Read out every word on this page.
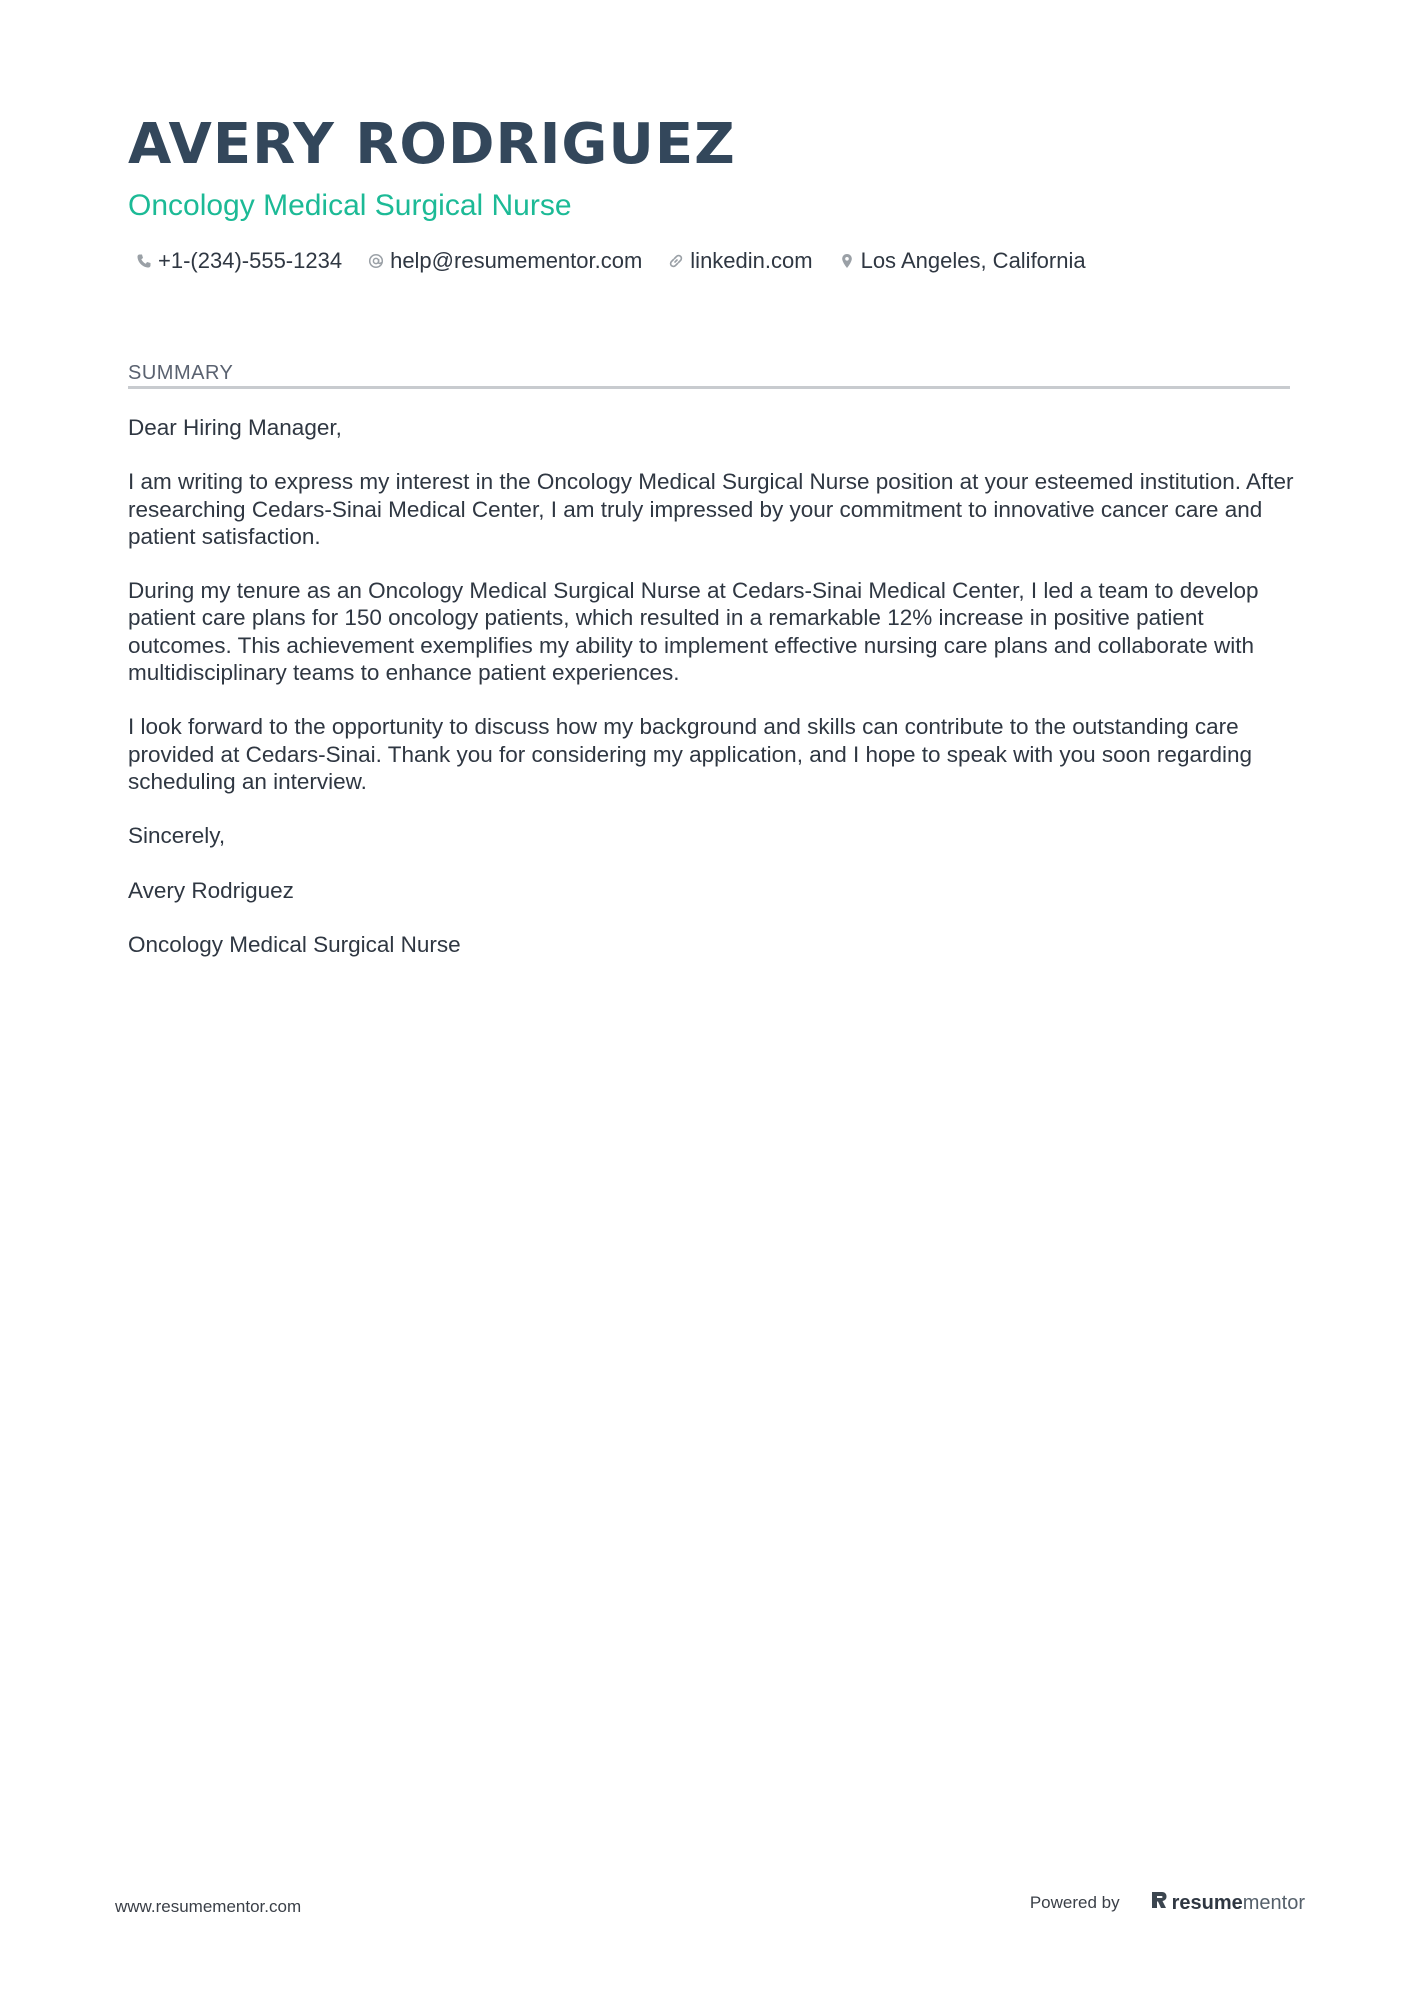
AVERY RODRIGUEZ
Oncology Medical Surgical Nurse
+1-(234)-555-1234 help@resumementor.com linkedin.com Los Angeles, California
SUMMARY

Dear Hiring Manager,

I am writing to express my interest in the Oncology Medical Surgical Nurse position at your esteemed institution. After researching Cedars-Sinai Medical Center, I am truly impressed by your commitment to innovative cancer care and patient satisfaction.

During my tenure as an Oncology Medical Surgical Nurse at Cedars-Sinai Medical Center, I led a team to develop patient care plans for 150 oncology patients, which resulted in a remarkable 12% increase in positive patient outcomes. This achievement exemplifies my ability to implement effective nursing care plans and collaborate with multidisciplinary teams to enhance patient experiences.

I look forward to the opportunity to discuss how my background and skills can contribute to the outstanding care provided at Cedars-Sinai. Thank you for considering my application, and I hope to speak with you soon regarding scheduling an interview.

Sincerely,

Avery Rodriguez

Oncology Medical Surgical Nurse

www.resumementor.com	Powered by	resume mentor
